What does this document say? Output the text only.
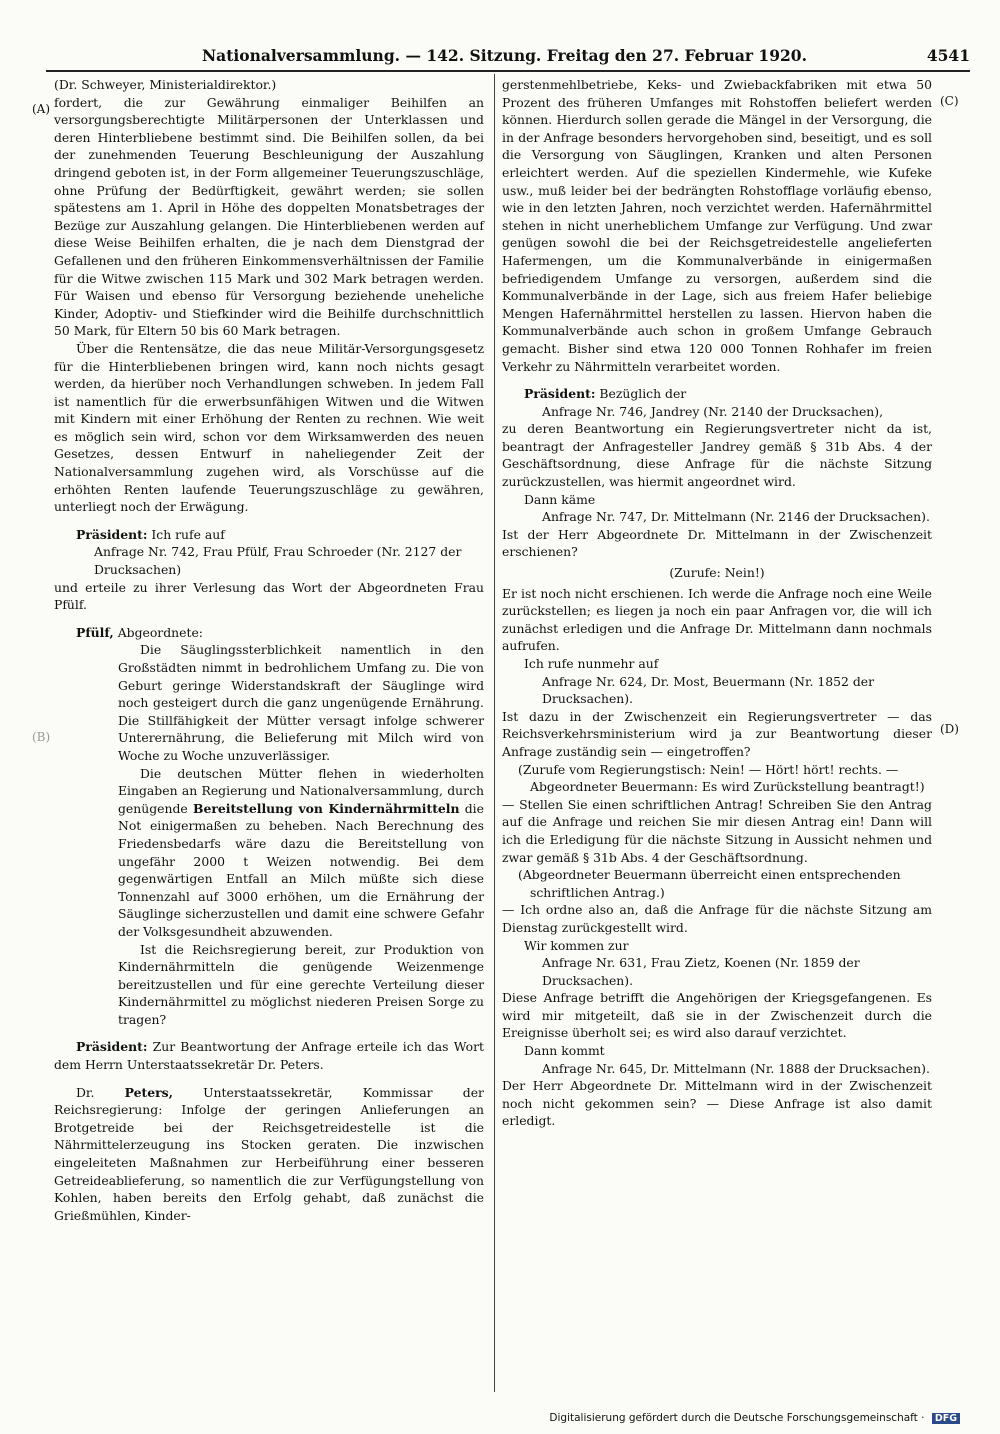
Nationalversammlung. — 142. Sitzung. Freitag den 27. Februar 1920.	4541
(A)
(B)
(C)
(D)

(Dr. Schweyer, Ministerialdirektor.)

fordert, die zur Gewährung einmaliger Beihilfen an versorgungsberechtigte Militärpersonen der Unterklassen und deren Hinterbliebene bestimmt sind. Die Beihilfen sollen, da bei der zunehmenden Teuerung Beschleunigung der Auszahlung dringend geboten ist, in der Form allgemeiner Teuerungszuschläge, ohne Prüfung der Bedürftigkeit, gewährt werden; sie sollen spätestens am 1. April in Höhe des doppelten Monatsbetrages der Bezüge zur Auszahlung gelangen. Die Hinterbliebenen werden auf diese Weise Beihilfen erhalten, die je nach dem Dienstgrad der Gefallenen und den früheren Einkommensverhältnissen der Familie für die Witwe zwischen 115 Mark und 302 Mark betragen werden. Für Waisen und ebenso für Versorgung beziehende uneheliche Kinder, Adoptiv- und Stiefkinder wird die Beihilfe durchschnittlich 50 Mark, für Eltern 50 bis 60 Mark betragen.

Über die Rentensätze, die das neue Militär-Versorgungsgesetz für die Hinterbliebenen bringen wird, kann noch nichts gesagt werden, da hierüber noch Verhandlungen schweben. In jedem Fall ist namentlich für die erwerbsunfähigen Witwen und die Witwen mit Kindern mit einer Erhöhung der Renten zu rechnen. Wie weit es möglich sein wird, schon vor dem Wirksamwerden des neuen Gesetzes, dessen Entwurf in naheliegender Zeit der Nationalversammlung zugehen wird, als Vorschüsse auf die erhöhten Renten laufende Teuerungszuschläge zu gewähren, unterliegt noch der Erwägung.

Präsident: Ich rufe auf

Anfrage Nr. 742, Frau Pfülf, Frau Schroeder (Nr. 2127 der Drucksachen)

und erteile zu ihrer Verlesung das Wort der Abgeordneten Frau Pfülf.

Pfülf, Abgeordnete:

Die Säuglingssterblichkeit namentlich in den Großstädten nimmt in bedrohlichem Umfang zu. Die von Geburt geringe Widerstandskraft der Säuglinge wird noch gesteigert durch die ganz ungenügende Ernährung. Die Stillfähigkeit der Mütter versagt infolge schwerer Unterernährung, die Belieferung mit Milch wird von Woche zu Woche unzuverlässiger.

Die deutschen Mütter flehen in wiederholten Eingaben an Regierung und Nationalversammlung, durch genügende Bereitstellung von Kindernährmitteln die Not einigermaßen zu beheben. Nach Berechnung des Friedensbedarfs wäre dazu die Bereitstellung von ungefähr 2000 t Weizen notwendig. Bei dem gegenwärtigen Entfall an Milch müßte sich diese Tonnenzahl auf 3000 erhöhen, um die Ernährung der Säuglinge sicherzustellen und damit eine schwere Gefahr der Volksgesundheit abzuwenden.

Ist die Reichsregierung bereit, zur Produktion von Kindernährmitteln die genügende Weizenmenge bereitzustellen und für eine gerechte Verteilung dieser Kindernährmittel zu möglichst niederen Preisen Sorge zu tragen?

Präsident: Zur Beantwortung der Anfrage erteile ich das Wort dem Herrn Unterstaatssekretär Dr. Peters.

Dr. Peters, Unterstaatssekretär, Kommissar der Reichsregierung: Infolge der geringen Anlieferungen an Brotgetreide bei der Reichsgetreidestelle ist die Nährmittelerzeugung ins Stocken geraten. Die inzwischen eingeleiteten Maßnahmen zur Herbeiführung einer besseren Getreideablieferung, so namentlich die zur Verfügungstellung von Kohlen, haben bereits den Erfolg gehabt, daß zunächst die Grießmühlen, Kinder-

gerstenmehlbetriebe, Keks- und Zwiebackfabriken mit etwa 50 Prozent des früheren Umfanges mit Rohstoffen beliefert werden können. Hierdurch sollen gerade die Mängel in der Versorgung, die in der Anfrage besonders hervorgehoben sind, beseitigt, und es soll die Versorgung von Säuglingen, Kranken und alten Personen erleichtert werden. Auf die speziellen Kindermehle, wie Kufeke usw., muß leider bei der bedrängten Rohstofflage vorläufig ebenso, wie in den letzten Jahren, noch verzichtet werden. Hafernährmittel stehen in nicht unerheblichem Umfange zur Verfügung. Und zwar genügen sowohl die bei der Reichsgetreidestelle angelieferten Hafermengen, um die Kommunalverbände in einigermaßen befriedigendem Umfange zu versorgen, außerdem sind die Kommunalverbände in der Lage, sich aus freiem Hafer beliebige Mengen Hafernährmittel herstellen zu lassen. Hiervon haben die Kommunalverbände auch schon in großem Umfange Gebrauch gemacht. Bisher sind etwa 120 000 Tonnen Rohhafer im freien Verkehr zu Nährmitteln verarbeitet worden.

Präsident: Bezüglich der

Anfrage Nr. 746, Jandrey (Nr. 2140 der Drucksachen),

zu deren Beantwortung ein Regierungsvertreter nicht da ist, beantragt der Anfragesteller Jandrey gemäß § 31b Abs. 4 der Geschäftsordnung, diese Anfrage für die nächste Sitzung zurückzustellen, was hiermit angeordnet wird.

Dann käme

Anfrage Nr. 747, Dr. Mittelmann (Nr. 2146 der Drucksachen).

Ist der Herr Abgeordnete Dr. Mittelmann in der Zwischenzeit erschienen?

(Zurufe: Nein!)

Er ist noch nicht erschienen. Ich werde die Anfrage noch eine Weile zurückstellen; es liegen ja noch ein paar Anfragen vor, die will ich zunächst erledigen und die Anfrage Dr. Mittelmann dann nochmals aufrufen.

Ich rufe nunmehr auf

Anfrage Nr. 624, Dr. Most, Beuermann (Nr. 1852 der Drucksachen).

Ist dazu in der Zwischenzeit ein Regierungsvertreter — das Reichsverkehrsministerium wird ja zur Beantwortung dieser Anfrage zuständig sein — eingetroffen?

(Zurufe vom Regierungstisch: Nein! — Hört! hört! rechts. — Abgeordneter Beuermann: Es wird Zurückstellung beantragt!)

— Stellen Sie einen schriftlichen Antrag! Schreiben Sie den Antrag auf die Anfrage und reichen Sie mir diesen Antrag ein! Dann will ich die Erledigung für die nächste Sitzung in Aussicht nehmen und zwar gemäß § 31b Abs. 4 der Geschäftsordnung.

(Abgeordneter Beuermann überreicht einen entsprechenden schriftlichen Antrag.)

— Ich ordne also an, daß die Anfrage für die nächste Sitzung am Dienstag zurückgestellt wird.

Wir kommen zur

Anfrage Nr. 631, Frau Zietz, Koenen (Nr. 1859 der Drucksachen).

Diese Anfrage betrifft die Angehörigen der Kriegsgefangenen. Es wird mir mitgeteilt, daß sie in der Zwischenzeit durch die Ereignisse überholt sei; es wird also darauf verzichtet.

Dann kommt

Anfrage Nr. 645, Dr. Mittelmann (Nr. 1888 der Drucksachen).

Der Herr Abgeordnete Dr. Mittelmann wird in der Zwischenzeit noch nicht gekommen sein? — Diese Anfrage ist also damit erledigt.

Digitalisierung gefördert durch die Deutsche Forschungsgemeinschaft · DFG
